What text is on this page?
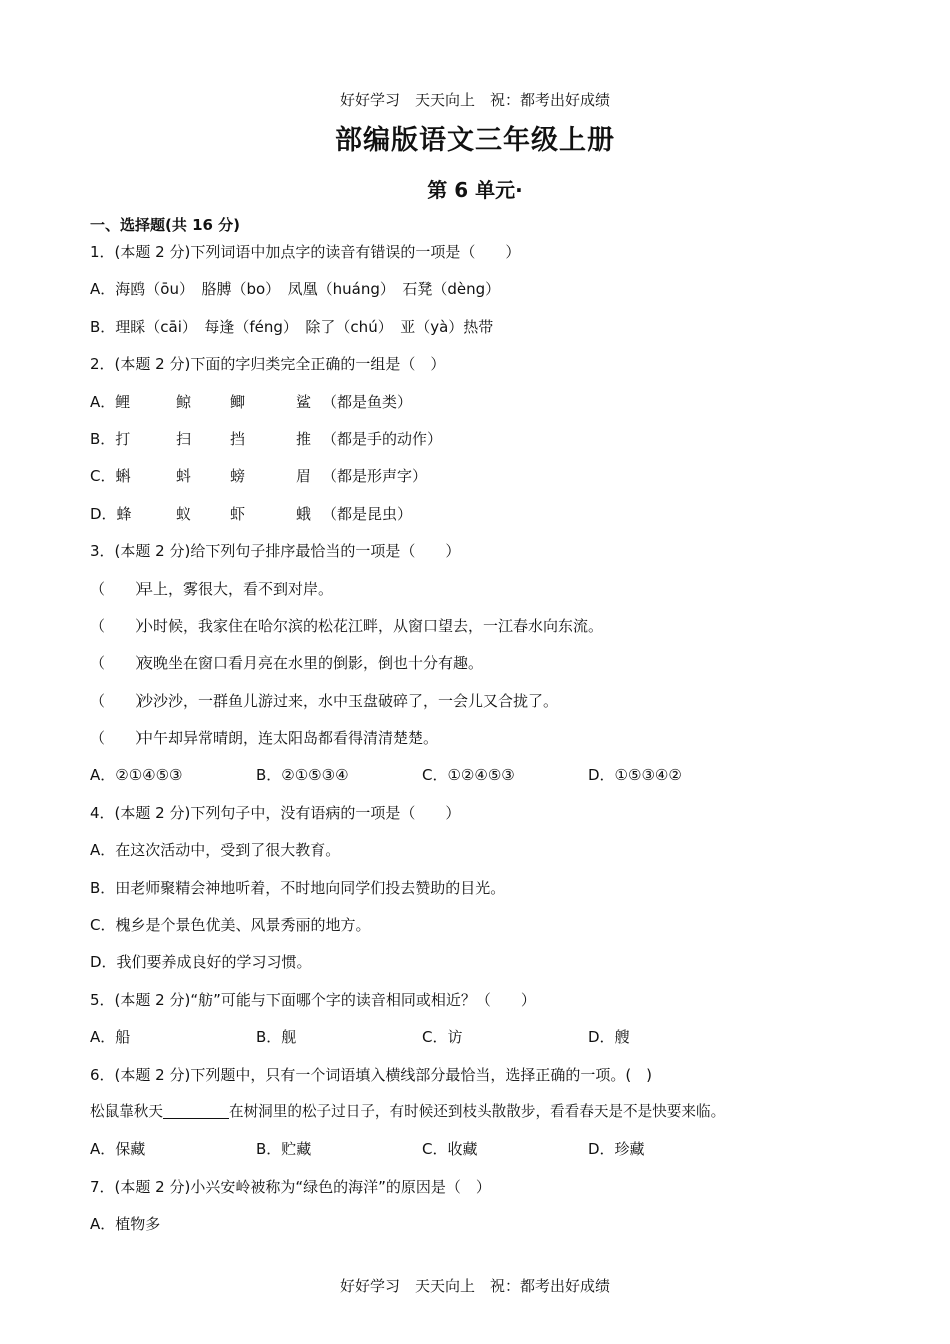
好好学习　天天向上　祝：都考出好成绩
部编版语文三年级上册
第 6 单元·
一、选择题(共 16 分)
1．(本题 2 分)下列词语中加点字的读音有错误的一项是（　　）
A．海鸥（ōu）　胳膊（bo）　凤凰（huáng）　石凳（dèng）
B．理睬（cāi）　每逢（féng）　除了（chú）　亚（yà）热带
2．(本题 2 分)下面的字归类完全正确的一组是（　）
A．鲤	鲸	鲫	鲨 （都是鱼类）
B．打	扫	挡	推 （都是手的动作）
C．蝌	蚪	螃	眉 （都是形声字）
D．蜂	蚁	虾	蛾 （都是昆虫）
3．(本题 2 分)给下列句子排序最恰当的一项是（　　）
（　　）早上，雾很大，看不到对岸。
（　　）小时候，我家住在哈尔滨的松花江畔，从窗口望去，一江春水向东流。
（　　）夜晚坐在窗口看月亮在水里的倒影，倒也十分有趣。
（　　）沙沙沙，一群鱼儿游过来，水中玉盘破碎了，一会儿又合拢了。
（　　）中午却异常晴朗，连太阳岛都看得清清楚楚。
A．②①④⑤③	B．②①⑤③④	C．①②④⑤③	D．①⑤③④②
4．(本题 2 分)下列句子中，没有语病的一项是（　　）
A．在这次活动中，受到了很大教育。
B．田老师聚精会神地听着，不时地向同学们投去赞助的目光。
C．槐乡是个景色优美、风景秀丽的地方。
D．我们要养成良好的学习习惯。
5．(本题 2 分)“舫”可能与下面哪个字的读音相同或相近？（　　）
A．船	B．舰	C．访	D．艘
6．(本题 2 分)下列题中，只有一个词语填入横线部分最恰当，选择正确的一项。(　)
松鼠靠秋天	在树洞里的松子过日子，有时候还到枝头散散步，看看春天是不是快要来临。
A．保藏	B．贮藏	C．收藏	D．珍藏
7．(本题 2 分)小兴安岭被称为“绿色的海洋”的原因是（　）
A．植物多
好好学习　天天向上　祝：都考出好成绩
